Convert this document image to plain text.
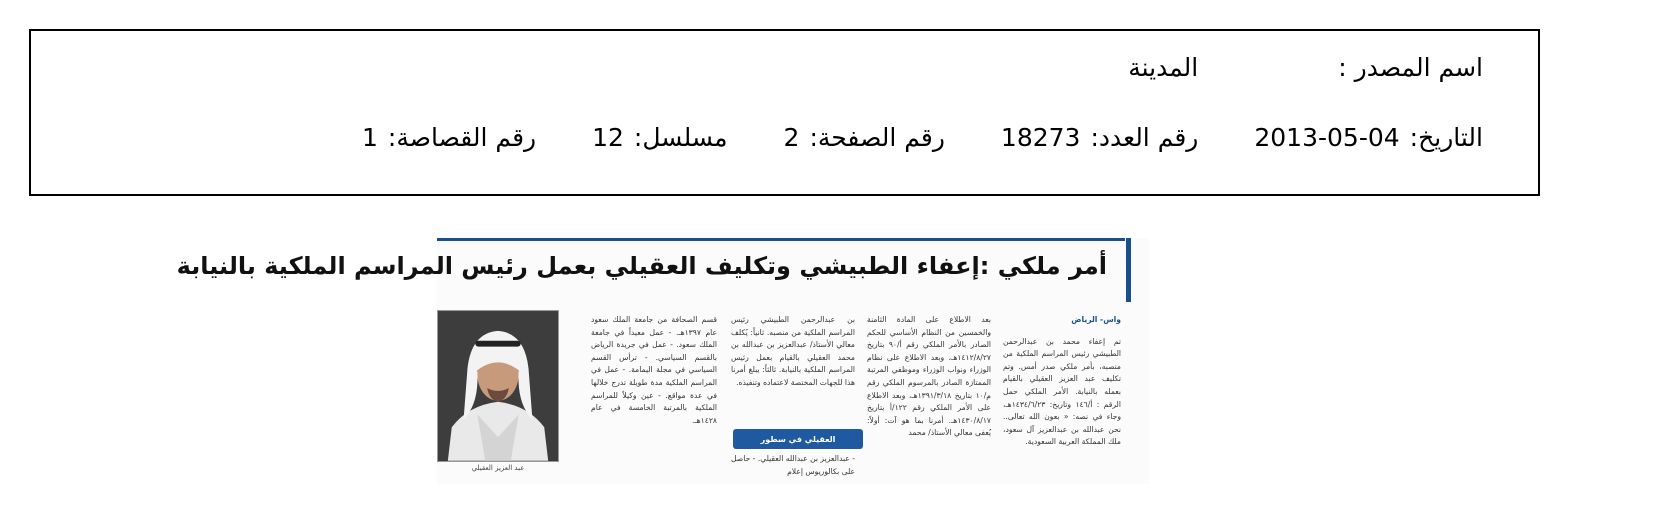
اسم المصدر :
المدينة
التاريخ:
2013-05-04
رقم العدد:
18273
رقم الصفحة:
2
مسلسل:
12
رقم القصاصة:
1
أمر ملكي :إعفاء الطبيشي وتكليف العقيلي بعمل رئيس المراسم الملكية بالنيابة

واس- الرياض

تم إعفاء محمد بن عبدالرحمن الطبيشي رئيس المراسم الملكية من منصبه، بأمر ملكي صدر أمس. وتم تكليف عبد العزيز العقيلي بالقيام بعمله بالنيابة. الأمر الملكي حمل الرقم : أ/١٤٦ وتاريخ: ١٤٣٤/٦/٢٣هـ، وجاء في نصه: « بعون الله تعالى.. نحن عبدالله بن عبدالعزيز آل سعود، ملك المملكة العربية السعودية.

بعد الاطلاع على المادة الثامنة والخمسين من النظام الأساسي للحكم الصادر بالأمر الملكي رقم أ/٩٠ بتاريخ ١٤١٢/٨/٢٧هـ، وبعد الاطلاع على نظام الوزراء ونواب الوزراء وموظفي المرتبة الممتازة الصادر بالمرسوم الملكي رقم م/١٠ بتاريخ ١٣٩١/٣/١٨هـ، وبعد الاطلاع على الأمر الملكي رقم ١٢٢/أ بتاريخ ١٤٣٠/٨/١٧هـ. أمرنا بما هو آت: أولاً: يُعفى معالي الأستاذ/ محمد

بن عبدالرحمن الطبيشي رئيس المراسم الملكية من منصبه. ثانياً: يُكلف معالي الأستاذ/ عبدالعزيز بن عبدالله بن محمد العقيلي بالقيام بعمل رئيس المراسم الملكية بالنيابة. ثالثاً: يبلغ أمرنا هذا للجهات المختصة لاعتماده وتنفيذه.

العقيلي في سطور

- عبدالعزيز بن عبدالله العقيلي. - حاصل على بكالوريوس إعلام

قسم الصحافة من جامعة الملك سعود عام ١٣٩٧هـ. - عمل معيداً في جامعة الملك سعود. - عمل في جريدة الرياض بالقسم السياسي. - ترأس القسم السياسي في مجلة اليمامة. - عمل في المراسم الملكية مدة طويلة تدرج خلالها في عدة مواقع. - عين وكيلاً للمراسم الملكية بالمرتبة الخامسة في عام ١٤٢٨هـ.

عبد العزيز العقيلي
